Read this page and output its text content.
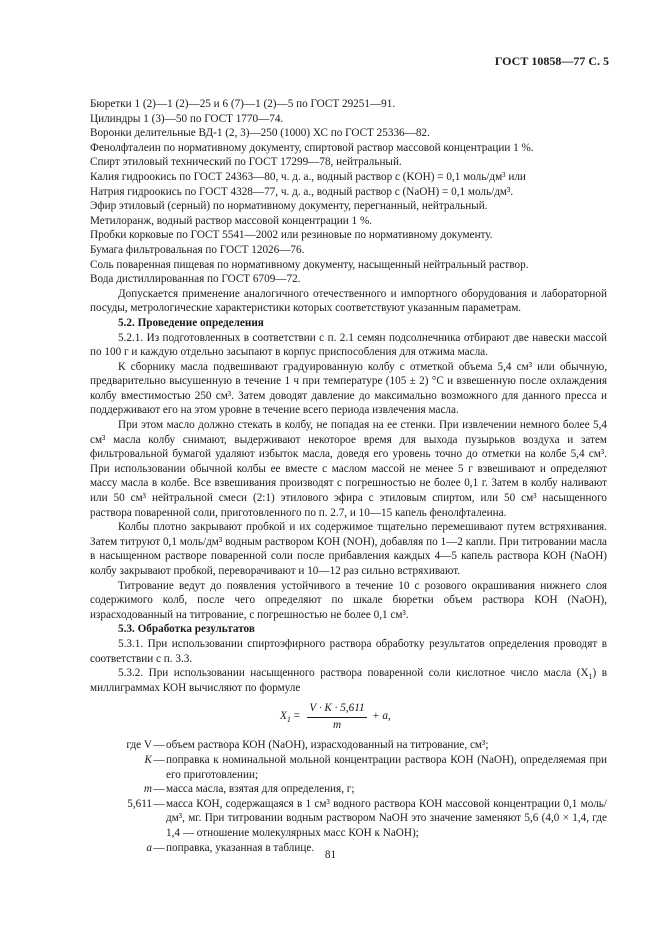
ГОСТ 10858—77 С. 5

Бюретки 1 (2)—1 (2)—25 и 6 (7)—1 (2)—5 по ГОСТ 29251—91.

Цилиндры 1 (3)—50 по ГОСТ 1770—74.

Воронки делительные ВД-1 (2, 3)—250 (1000) ХС по ГОСТ 25336—82.

Фенолфталеин по нормативному документу, спиртовой раствор массовой концентрации 1 %.

Спирт этиловый технический по ГОСТ 17299—78, нейтральный.

Калия гидроокись по ГОСТ 24363—80, ч. д. а., водный раствор c (KOH) = 0,1 моль/дм³ или

Натрия гидроокись по ГОСТ 4328—77, ч. д. а., водный раствор c (NaOH) = 0,1 моль/дм³.

Эфир этиловый (серный) по нормативному документу, перегнанный, нейтральный.

Метилоранж, водный раствор массовой концентрации 1 %.

Пробки корковые по ГОСТ 5541—2002 или резиновые по нормативному документу.

Бумага фильтровальная по ГОСТ 12026—76.

Соль поваренная пищевая по нормативному документу, насыщенный нейтральный раствор.

Вода дистиллированная по ГОСТ 6709—72.

Допускается применение аналогичного отечественного и импортного оборудования и лабораторной посуды, метрологические характеристики которых соответствуют указанным параметрам.

5.2. Проведение определения

5.2.1. Из подготовленных в соответствии с п. 2.1 семян подсолнечника отбирают две навески массой по 100 г и каждую отдельно засыпают в корпус приспособления для отжима масла.

К сборнику масла подвешивают градуированную колбу с отметкой объема 5,4 см³ или обычную, предварительно высушенную в течение 1 ч при температуре (105 ± 2) °С и взвешенную после охлаждения колбу вместимостью 250 см³. Затем доводят давление до максимально возможного для данного пресса и поддерживают его на этом уровне в течение всего периода извлечения масла.

При этом масло должно стекать в колбу, не попадая на ее стенки. При извлечении немного более 5,4 см³ масла колбу снимают, выдерживают некоторое время для выхода пузырьков воздуха и затем фильтровальной бумагой удаляют избыток масла, доведя его уровень точно до отметки на колбе 5,4 см³. При использовании обычной колбы ее вместе с маслом массой не менее 5 г взвешивают и определяют массу масла в колбе. Все взвешивания производят с погрешностью не более 0,1 г. Затем в колбу наливают или 50 см³ нейтральной смеси (2:1) этилового эфира с этиловым спиртом, или 50 см³ насыщенного раствора поваренной соли, приготовленного по п. 2.7, и 10—15 капель фенолфталеина.

Колбы плотно закрывают пробкой и их содержимое тщательно перемешивают путем встряхивания. Затем титруют 0,1 моль/дм³ водным раствором КОН (NOH), добавляя по 1—2 капли. При титровании масла в насыщенном растворе поваренной соли после прибавления каждых 4—5 капель раствора КОН (NaOH) колбу закрывают пробкой, переворачивают и 10—12 раз сильно встряхивают.

Титрование ведут до появления устойчивого в течение 10 с розового окрашивания нижнего слоя содержимого колб, после чего определяют по шкале бюретки объем раствора КОН (NaOH), израсходованный на титрование, с погрешностью не более 0,1 см³.

5.3. Обработка результатов

5.3.1. При использовании спиртоэфирного раствора обработку результатов определения проводят в соответствии с п. 3.3.

5.3.2. При использовании насыщенного раствора поваренной соли кислотное число масла $(X_1)$ в миллиграммах КОН вычисляют по формуле

$X_1 = \frac{V \cdot K \cdot 5,611}{m} + a$,
где V — объем раствора КОН (NaOH), израсходованный на титрование, см³;
K — поправка к номинальной мольной концентрации раствора КОН (NaOH), определяемая при его приготовлении;
m — масса масла, взятая для определения, г;
5,611 — масса КОН, содержащаяся в 1 см³ водного раствора КОН массовой концентрации 0,1 моль/дм³, мг. При титровании водным раствором NaOH это значение заменяют 5,6 (4,0 × 1,4, где 1,4 — отношение молекулярных масс КОН к NaOH);
a — поправка, указанная в таблице.
81
